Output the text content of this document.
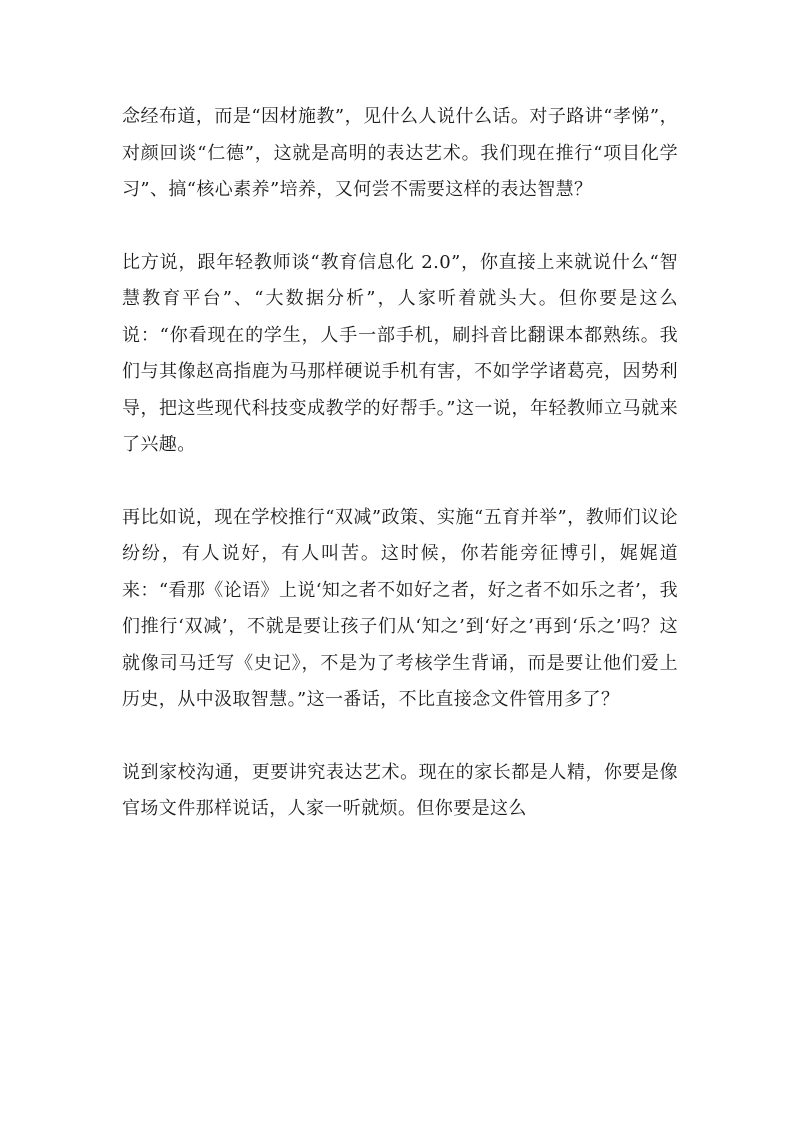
念经布道，而是“因材施教”，见什么人说什么话。对子路讲“孝悌”，对颜回谈“仁德”，这就是高明的表达艺术。我们现在推行“项目化学习”、搞“核心素养”培养，又何尝不需要这样的表达智慧？

比方说，跟年轻教师谈“教育信息化 2.0”，你直接上来就说什么“智慧教育平台”、“大数据分析”，人家听着就头大。但你要是这么说：“你看现在的学生，人手一部手机，刷抖音比翻课本都熟练。我们与其像赵高指鹿为马那样硬说手机有害，不如学学诸葛亮，因势利导，把这些现代科技变成教学的好帮手。”这一说，年轻教师立马就来了兴趣。

再比如说，现在学校推行“双减”政策、实施“五育并举”，教师们议论纷纷，有人说好，有人叫苦。这时候，你若能旁征博引，娓娓道来：“看那《论语》上说‘知之者不如好之者，好之者不如乐之者’，我们推行‘双减’，不就是要让孩子们从‘知之’到‘好之’再到‘乐之’吗？这就像司马迁写《史记》，不是为了考核学生背诵，而是要让他们爱上历史，从中汲取智慧。”这一番话，不比直接念文件管用多了？

说到家校沟通，更要讲究表达艺术。现在的家长都是人精，你要是像官场文件那样说话，人家一听就烦。但你要是这么
